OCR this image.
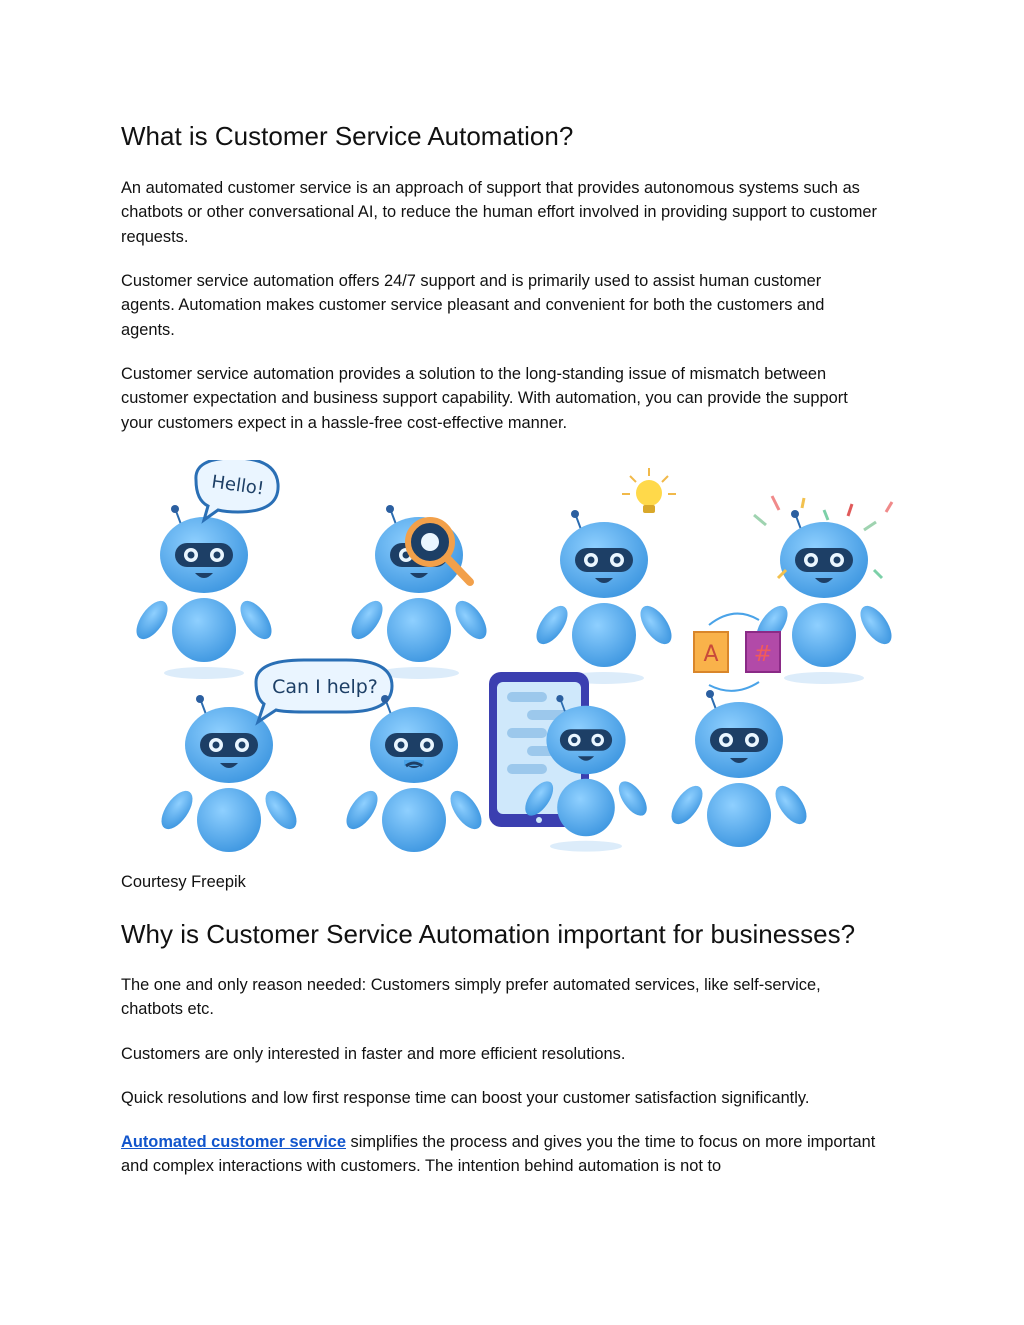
What is Customer Service Automation?

An automated customer service is an approach of support that provides autonomous systems such as chatbots or other conversational AI, to reduce the human effort involved in providing support to customer requests.

Customer service automation offers 24/7 support and is primarily used to assist human customer agents. Automation makes customer service pleasant and convenient for both the customers and agents.

Customer service automation provides a solution to the long-standing issue of mismatch between customer expectation and business support capability. With automation, you can provide the support your customers expect in a hassle-free cost-effective manner.

Hello!
Can I help?
A #

Courtesy Freepik

Why is Customer Service Automation important for businesses?

The one and only reason needed: Customers simply prefer automated services, like self-service, chatbots etc.

Customers are only interested in faster and more efficient resolutions.

Quick resolutions and low first response time can boost your customer satisfaction significantly.

Automated customer service simplifies the process and gives you the time to focus on more important and complex interactions with customers. The intention behind automation is not to
